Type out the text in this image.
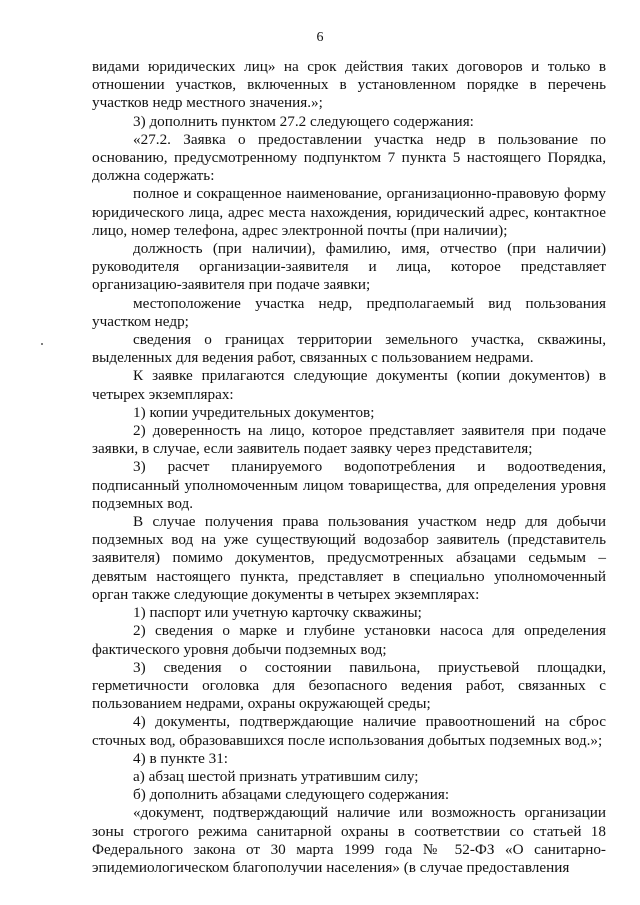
6

видами юридических лиц» на срок действия таких договоров и только в отношении участков, включенных в установленном порядке в перечень участков недр местного значения.»;

3) дополнить пунктом 27.2 следующего содержания:

«27.2. Заявка о предоставлении участка недр в пользование по основанию, предусмотренному подпунктом 7 пункта 5 настоящего Порядка, должна содержать:

полное и сокращенное наименование, организационно-правовую форму юридического лица, адрес места нахождения, юридический адрес, контактное лицо, номер телефона, адрес электронной почты (при наличии);

должность (при наличии), фамилию, имя, отчество (при наличии) руководителя организации-заявителя и лица, которое представляет организацию-заявителя при подаче заявки;

местоположение участка недр, предполагаемый вид пользования участком недр;

сведения о границах территории земельного участка, скважины, выделенных для ведения работ, связанных с пользованием недрами.

К заявке прилагаются следующие документы (копии документов) в четырех экземплярах:

1) копии учредительных документов;

2) доверенность на лицо, которое представляет заявителя при подаче заявки, в случае, если заявитель подает заявку через представителя;

3) расчет планируемого водопотребления и водоотведения, подписанный уполномоченным лицом товарищества, для определения уровня подземных вод.

В случае получения права пользования участком недр для добычи подземных вод на уже существующий водозабор заявитель (представитель заявителя) помимо документов, предусмотренных абзацами седьмым – девятым настоящего пункта, представляет в специально уполномоченный орган также следующие документы в четырех экземплярах:

1) паспорт или учетную карточку скважины;

2) сведения о марке и глубине установки насоса для определения фактического уровня добычи подземных вод;

3) сведения о состоянии павильона, приустьевой площадки, герметичности оголовка для безопасного ведения работ, связанных с пользованием недрами, охраны окружающей среды;

4) документы, подтверждающие наличие правоотношений на сброс сточных вод, образовавшихся после использования добытых подземных вод.»;

4) в пункте 31:

а) абзац шестой признать утратившим силу;

б) дополнить абзацами следующего содержания:

«документ, подтверждающий наличие или возможность организации зоны строгого режима санитарной охраны в соответствии со статьей 18 Федерального закона от 30 марта 1999 года № 52-ФЗ «О санитарно-эпидемиологическом благополучии населения» (в случае предоставления
